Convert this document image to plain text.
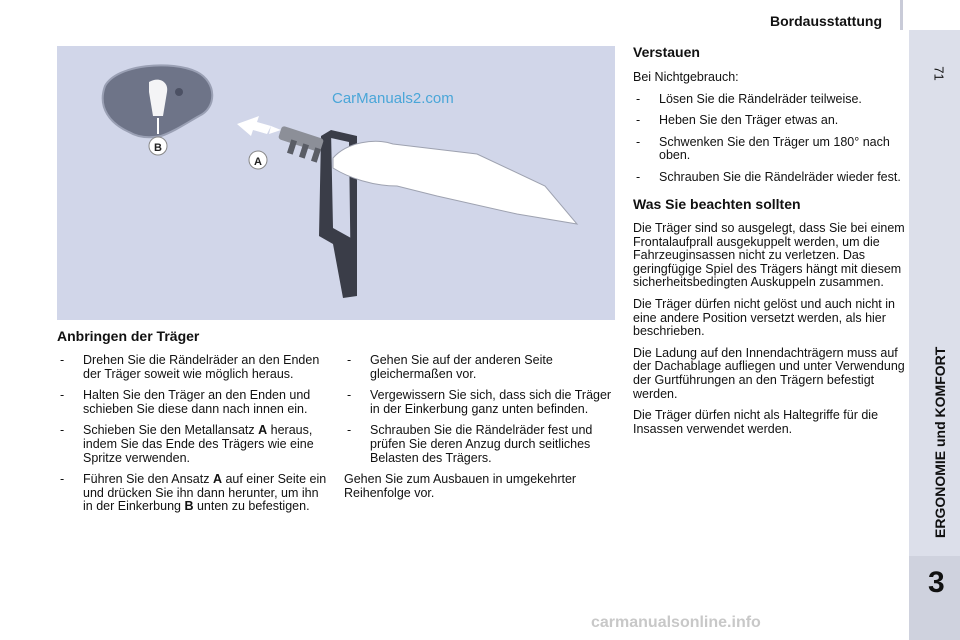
Bordausstattung
71
ERGONOMIE und KOMFORT
3
B
A
CarManuals2.com
Anbringen der Träger
- Drehen Sie die Rändelräder an den Enden der Träger soweit wie möglich heraus.
- Halten Sie den Träger an den Enden und schieben Sie diese dann nach innen ein.
- Schieben Sie den Metallansatz A heraus, indem Sie das Ende des Trägers wie eine Spritze verwenden.
- Führen Sie den Ansatz A auf einer Seite ein und drücken Sie ihn dann herunter, um ihn in der Einkerbung B unten zu befestigen.
- Gehen Sie auf der anderen Seite gleichermaßen vor.
- Vergewissern Sie sich, dass sich die Träger in der Einkerbung ganz unten befinden.
- Schrauben Sie die Rändelräder fest und prüfen Sie deren Anzug durch seitliches Belasten des Trägers.

Gehen Sie zum Ausbauen in umgekehrter Reihenfolge vor.

Verstauen

Bei Nichtgebrauch:

- Lösen Sie die Rändelräder teilweise.
- Heben Sie den Träger etwas an.
- Schwenken Sie den Träger um 180° nach oben.
- Schrauben Sie die Rändelräder wieder fest.
Was Sie beachten sollten

Die Träger sind so ausgelegt, dass Sie bei einem Frontalaufprall ausgekuppelt werden, um die Fahrzeuginsassen nicht zu verletzen. Das geringfügige Spiel des Trägers hängt mit diesem sicherheitsbedingten Auskuppeln zusammen.

Die Träger dürfen nicht gelöst und auch nicht in eine andere Position versetzt werden, als hier beschrieben.

Die Ladung auf den Innendachträgern muss auf der Dachablage aufliegen und unter Verwendung der Gurtführungen an den Trägern befestigt werden.

Die Träger dürfen nicht als Haltegriffe für die Insassen verwendet werden.

carmanualsonline.info
